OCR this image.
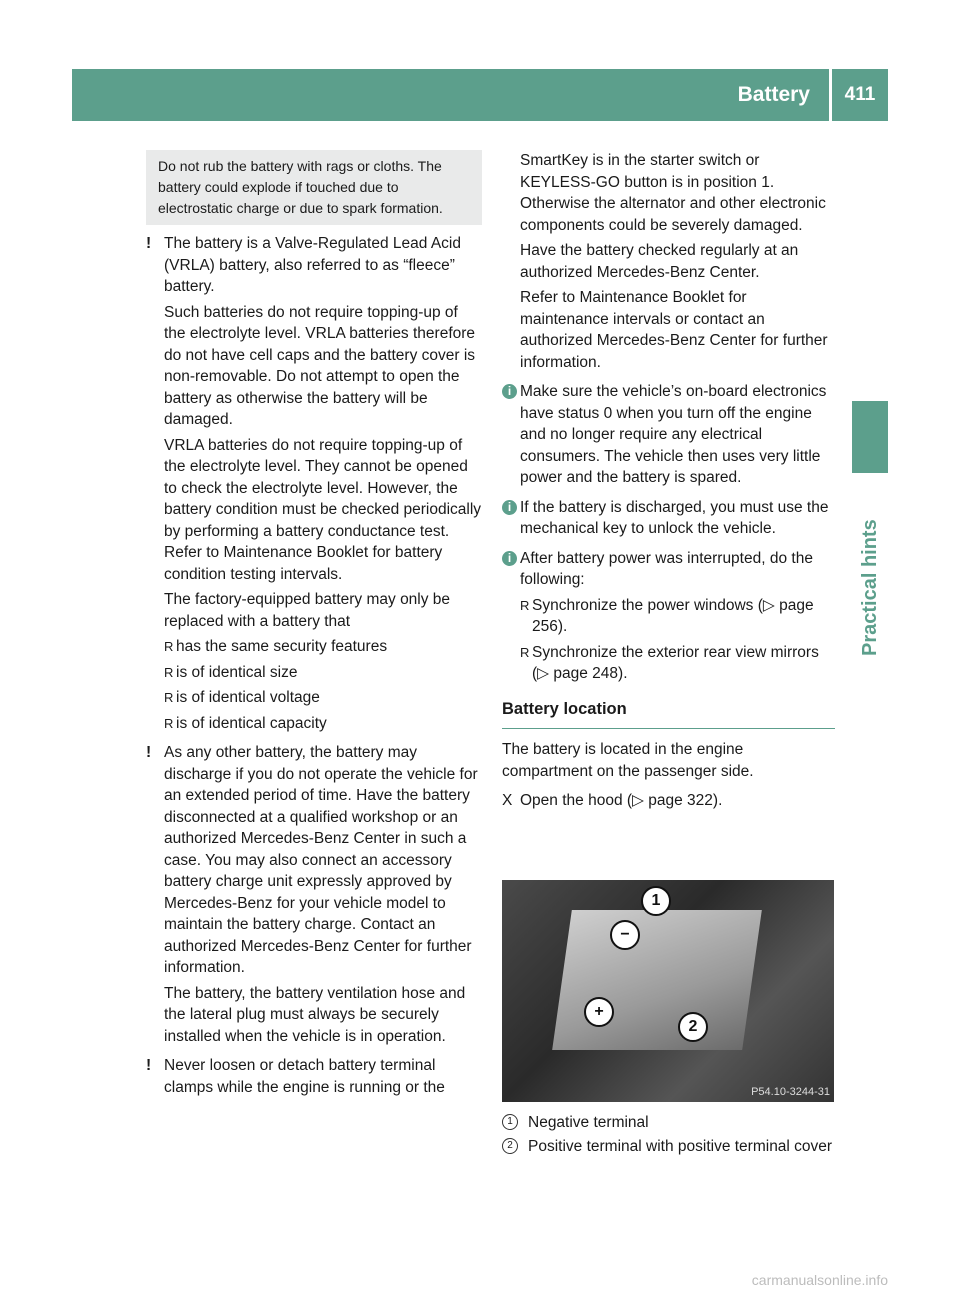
Battery	411
Practical hints
Do not rub the battery with rags or cloths. The battery could explode if touched due to electrostatic charge or due to spark formation.
! The battery is a Valve-Regulated Lead Acid (VRLA) battery, also referred to as “fleece” battery.

Such batteries do not require topping-up of the electrolyte level. VRLA batteries therefore do not have cell caps and the battery cover is non-removable. Do not attempt to open the battery as otherwise the battery will be damaged.

VRLA batteries do not require topping-up of the electrolyte level. They cannot be opened to check the electrolyte level. However, the battery condition must be checked periodically by performing a battery conductance test. Refer to Maintenance Booklet for battery condition testing intervals.

The factory-equipped battery may only be replaced with a battery that

R has the same security features
R is of identical size
R is of identical voltage
R is of identical capacity
! As any other battery, the battery may discharge if you do not operate the vehicle for an extended period of time. Have the battery disconnected at a qualified workshop or an authorized Mercedes-Benz Center in such a case. You may also connect an accessory battery charge unit expressly approved by Mercedes-Benz for your vehicle model to maintain the battery charge. Contact an authorized Mercedes-Benz Center for further information.

The battery, the battery ventilation hose and the lateral plug must always be securely installed when the vehicle is in operation.

! Never loosen or detach battery terminal clamps while the engine is running or the

SmartKey is in the starter switch or KEYLESS-GO button is in position 1. Otherwise the alternator and other electronic components could be severely damaged.

Have the battery checked regularly at an authorized Mercedes-Benz Center.

Refer to Maintenance Booklet for maintenance intervals or contact an authorized Mercedes-Benz Center for further information.

i Make sure the vehicle’s on-board electronics have status 0 when you turn off the engine and no longer require any electrical consumers. The vehicle then uses very little power and the battery is spared.

i If the battery is discharged, you must use the mechanical key to unlock the vehicle.

i After battery power was interrupted, do the following:

R Synchronize the power windows (▷ page 256).
R Synchronize the exterior rear view mirrors (▷ page 248).
Battery location

The battery is located in the engine compartment on the passenger side.

X Open the hood (▷ page 322).
1
−
+
2
P54.10-3244-31
1 Negative terminal
2 Positive terminal with positive terminal cover
carmanualsonline.info
